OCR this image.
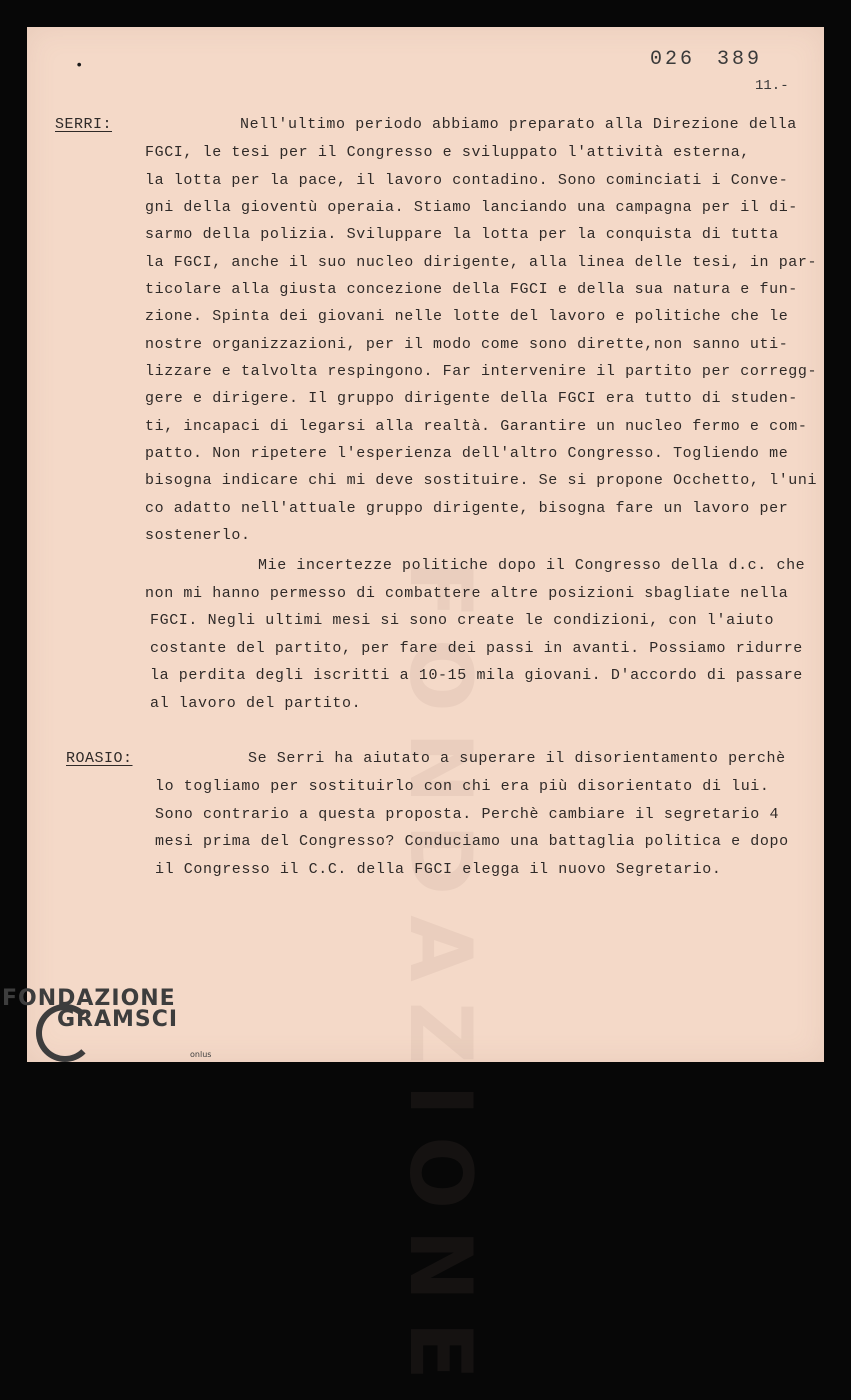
FONDAZIONE
•	026 389
11.-
SERRI:
ROASIO:
Nell'ultimo periodo abbiamo preparato alla Direzione della
FGCI, le tesi per il Congresso e sviluppato l'attività esterna,
la lotta per la pace, il lavoro contadino. Sono cominciati i Conve-
gni della gioventù operaia. Stiamo lanciando una campagna per il di-
sarmo della polizia. Sviluppare la lotta per la conquista di tutta
la FGCI, anche il suo nucleo dirigente, alla linea delle tesi, in par-
ticolare alla giusta concezione della FGCI e della sua natura e fun-
zione. Spinta dei giovani nelle lotte del lavoro e politiche che le
nostre organizzazioni, per il modo come sono dirette,non sanno uti-
lizzare e talvolta respingono. Far intervenire il partito per corregg-
gere e dirigere. Il gruppo dirigente della FGCI era tutto di studen-
ti, incapaci di legarsi alla realtà. Garantire un nucleo fermo e com-
patto. Non ripetere l'esperienza dell'altro Congresso. Togliendo me
bisogna indicare chi mi deve sostituire. Se si propone Occhetto, l'uni
co adatto nell'attuale gruppo dirigente, bisogna fare un lavoro per
sostenerlo.
Mie incertezze politiche dopo il Congresso della d.c. che
non mi hanno permesso di combattere altre posizioni sbagliate nella
FGCI. Negli ultimi mesi si sono create le condizioni, con l'aiuto
costante del partito, per fare dei passi in avanti. Possiamo ridurre
la perdita degli iscritti a 10-15 mila giovani. D'accordo di passare
al lavoro del partito.
Se Serri ha aiutato a superare il disorientamento perchè
lo togliamo per sostituirlo con chi era più disorientato di lui.
Sono contrario a questa proposta. Perchè cambiare il segretario 4
mesi prima del Congresso? Conduciamo una battaglia politica e dopo
il Congresso il C.C. della FGCI elegga il nuovo Segretario.
FONDAZIONE
GRAMSCI
onlus
